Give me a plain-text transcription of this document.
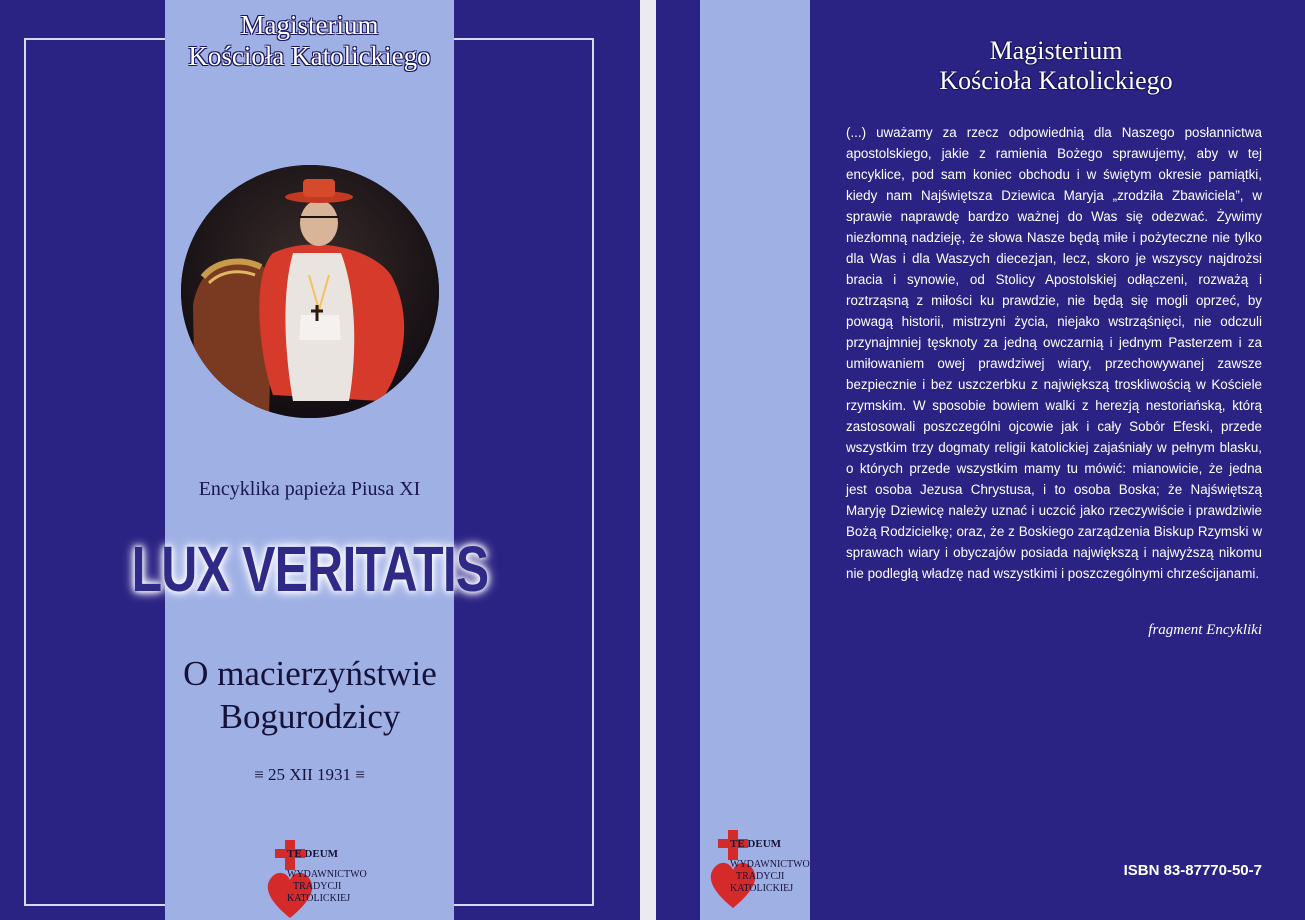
Magisterium
Kościoła Katolickiego
Encyklika papieża Piusa XI
LUX VERITATIS
O macierzyństwie
Bogurodzicy
≡ 25 XII 1931 ≡
TE DEUM
WYDAWNICTWO
TRADYCJI
KATOLICKIEJ
Magisterium
Kościoła Katolickiego
(...) uważamy za rzecz odpowiednią dla Naszego posłannictwa apostolskiego, jakie z ramienia Bożego sprawujemy, aby w tej encyklice, pod sam koniec obchodu i w świętym okresie pamiątki, kiedy nam Najświętsza Dziewica Maryja „zrodziła Zbawiciela”, w sprawie naprawdę bardzo ważnej do Was się odezwać. Żywimy niezłomną nadzieję, że słowa Nasze będą miłe i pożyteczne nie tylko dla Was i dla Waszych diecezjan, lecz, skoro je wszyscy najdrożsi bracia i synowie, od Stolicy Apostolskiej odłączeni, rozważą i roztrząsną z miłości ku prawdzie, nie będą się mogli oprzeć, by powagą historii, mistrzyni życia, niejako wstrząśnięci, nie odczuli przynajmniej tęsknoty za jedną owczarnią i jednym Pasterzem i za umiłowaniem owej prawdziwej wiary, przechowywanej zawsze bezpiecznie i bez uszczerbku z największą troskliwością w Kościele rzymskim. W sposobie bowiem walki z herezją nestoriańską, którą zastosowali poszczególni ojcowie jak i cały Sobór Efeski, przede wszystkim trzy dogmaty religii katolickiej zajaśniały w pełnym blasku, o których przede wszystkim mamy tu mówić: mianowicie, że jedna jest osoba Jezusa Chrystusa, i to osoba Boska; że Najświętszą Maryję Dziewicę należy uznać i uczcić jako rzeczywiście i prawdziwie Bożą Rodzicielkę; oraz, że z Boskiego zarządzenia Biskup Rzymski w sprawach wiary i obyczajów posiada największą i najwyższą nikomu nie podległą władzę nad wszystkimi i poszczególnymi chrześcijanami.
fragment Encykliki
ISBN 83-87770-50-7
TE DEUM
WYDAWNICTWO
TRADYCJI
KATOLICKIEJ
